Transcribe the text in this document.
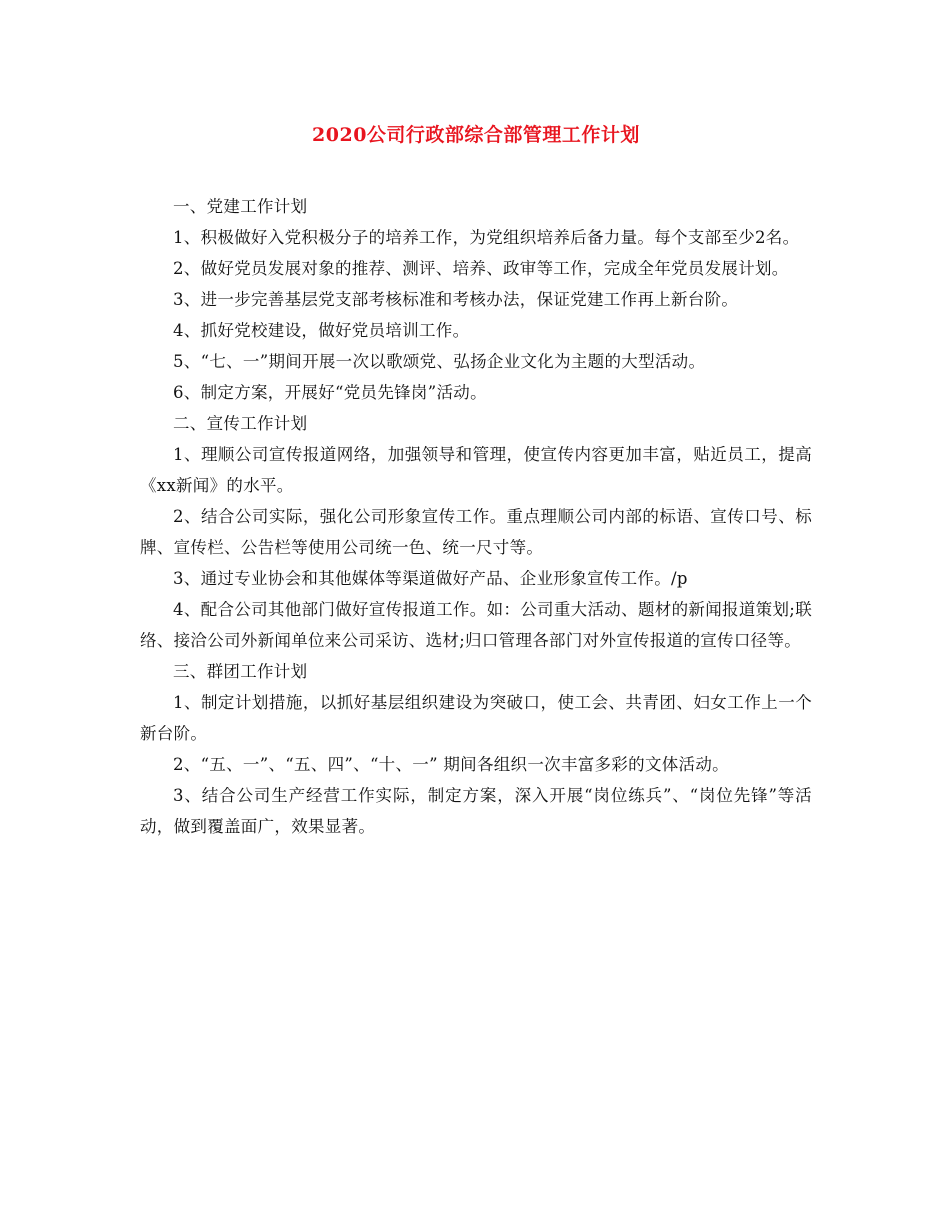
2020公司行政部综合部管理工作计划

一、党建工作计划

1、积极做好入党积极分子的培养工作，为党组织培养后备力量。每个支部至少2名。

2、做好党员发展对象的推荐、测评、培养、政审等工作，完成全年党员发展计划。

3、进一步完善基层党支部考核标准和考核办法，保证党建工作再上新台阶。

4、抓好党校建设，做好党员培训工作。

5、“七、一”期间开展一次以歌颂党、弘扬企业文化为主题的大型活动。

6、制定方案，开展好“党员先锋岗”活动。

二、宣传工作计划

1、理顺公司宣传报道网络，加强领导和管理，使宣传内容更加丰富，贴近员工，提高《xx新闻》的水平。

2、结合公司实际，强化公司形象宣传工作。重点理顺公司内部的标语、宣传口号、标牌、宣传栏、公告栏等使用公司统一色、统一尺寸等。

3、通过专业协会和其他媒体等渠道做好产品、企业形象宣传工作。/p

4、配合公司其他部门做好宣传报道工作。如：公司重大活动、题材的新闻报道策划;联络、接洽公司外新闻单位来公司采访、选材;归口管理各部门对外宣传报道的宣传口径等。

三、群团工作计划

1、制定计划措施，以抓好基层组织建设为突破口，使工会、共青团、妇女工作上一个新台阶。

2、“五、一”、“五、四”、“十、一” 期间各组织一次丰富多彩的文体活动。

3、结合公司生产经营工作实际，制定方案，深入开展“岗位练兵”、“岗位先锋”等活动，做到覆盖面广，效果显著。
